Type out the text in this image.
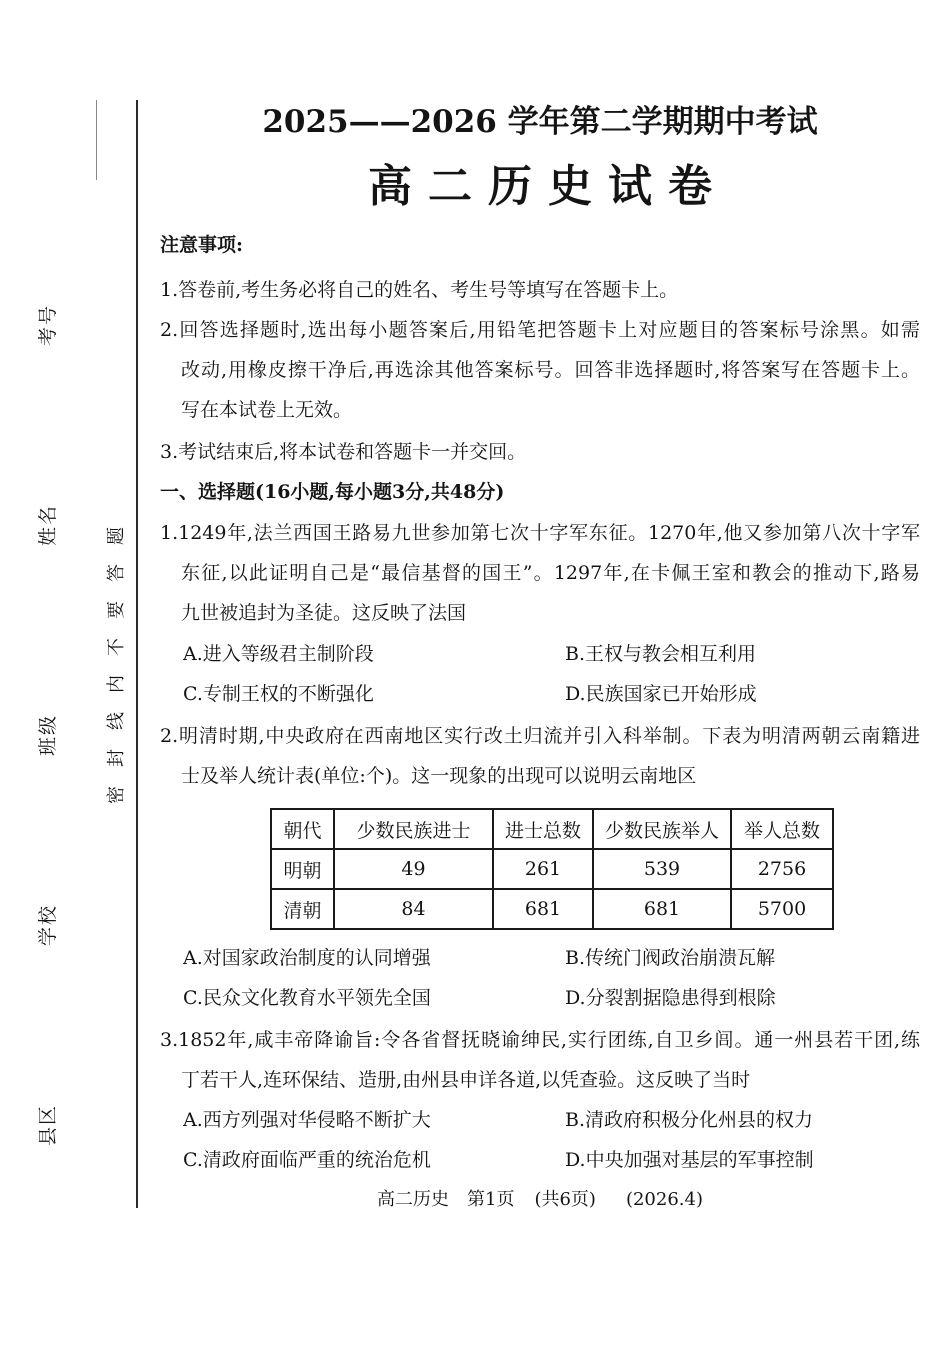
考号
姓名
班级
学校
县区
密封线内不要答题
2025——2026 学年第二学期期中考试
高二历史试卷
注意事项:
1.答卷前,考生务必将自己的姓名、考生号等填写在答题卡上。
2.回答选择题时,选出每小题答案后,用铅笔把答题卡上对应题目的答案标号涂黑。如需
改动,用橡皮擦干净后,再选涂其他答案标号。回答非选择题时,将答案写在答题卡上。
写在本试卷上无效。
3.考试结束后,将本试卷和答题卡一并交回。
一、选择题(16小题,每小题3分,共48分)
1.1249年,法兰西国王路易九世参加第七次十字军东征。1270年,他又参加第八次十字军
东征,以此证明自己是“最信基督的国王”。1297年,在卡佩王室和教会的推动下,路易
九世被追封为圣徒。这反映了法国
A.进入等级君主制阶段	B.王权与教会相互利用
C.专制王权的不断强化	D.民族国家已开始形成
2.明清时期,中央政府在西南地区实行改土归流并引入科举制。下表为明清两朝云南籍进
士及举人统计表(单位:个)。这一现象的出现可以说明云南地区
朝代	少数民族进士	进士总数	少数民族举人	举人总数
明朝	49	261	539	2756
清朝	84	681	681	5700
A.对国家政治制度的认同增强	B.传统门阀政治崩溃瓦解
C.民众文化教育水平领先全国	D.分裂割据隐患得到根除
3.1852年,咸丰帝降谕旨:令各省督抚晓谕绅民,实行团练,自卫乡闾。通一州县若干团,练
丁若干人,连环保结、造册,由州县申详各道,以凭查验。这反映了当时
A.西方列强对华侵略不断扩大	B.清政府积极分化州县的权力
C.清政府面临严重的统治危机	D.中央加强对基层的军事控制
高二历史 第1页 (共6页) (2026.4)
